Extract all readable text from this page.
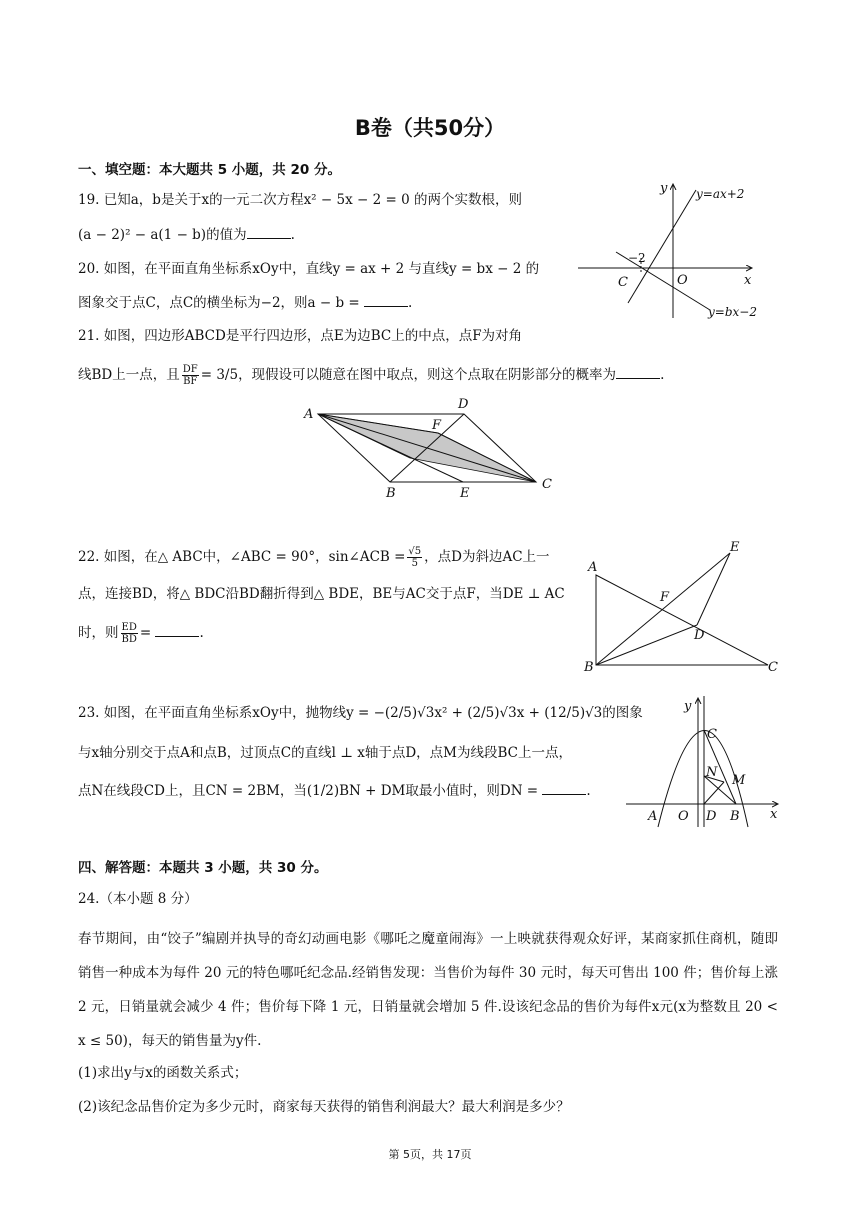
B卷（共50分）
一、填空题：本大题共 5 小题，共 20 分。
19. 已知a，b是关于x的一元二次方程x² − 5x − 2 = 0 的两个实数根，则
(a − 2)² − a(1 − b)的值为	.
20. 如图，在平面直角坐标系xOy中，直线y = ax + 2 与直线y = bx − 2 的
图象交于点C，点C的横坐标为−2，则a − b =	.
21. 如图，四边形ABCD是平行四边形，点E为边BC上的中点，点F为对角
线BD上一点，且 $\frac{DF}{BF} = 3/5$，现假设可以随意在图中取点，则这个点取在阴影部分的概率为	.
22. 如图，在△ ABC中，∠ABC = 90°，sin∠ACB = $\frac{√5}{5}$ ，点D为斜边AC上一
点，连接BD，将△ BDC沿BD翻折得到△ BDE，BE与AC交于点F，当DE ⊥ AC
时，则 $\frac{ED}{BD}$ =	.
23. 如图，在平面直角坐标系xOy中，抛物线y = −(2/5)√3x² + (2/5)√3x + (12/5)√3的图象
与x轴分别交于点A和点B，过顶点C的直线l ⊥ x轴于点D，点M为线段BC上一点，
点N在线段CD上，且CN = 2BM，当(1/2)BN + DM取最小值时，则DN =	.
四、解答题：本题共 3 小题，共 30 分。
24.（本小题 8 分）
春节期间，由“饺子”编剧并执导的奇幻动画电影《哪吒之魔童闹海》一上映就获得观众好评，某商家抓住商机，随即销售一种成本为每件 20 元的特色哪吒纪念品.经销售发现：当售价为每件 30 元时，每天可售出 100 件；售价每上涨 2 元，日销量就会减少 4 件；售价每下降 1 元，日销量就会增加 5 件.设该纪念品的售价为每件x元(x为整数且 20 < x ≤ 50)，每天的销售量为y件.
(1)求出y与x的函数关系式；
(2)该纪念品售价定为多少元时，商家每天获得的销售利润最大？最大利润是多少？
y
x
O
C
−2
y=ax+2
y=bx−2
A
D
F
B	E
C
A
E
F
D
B	C
y
x
A O D B
C
N
M
第 5页，共 17页
